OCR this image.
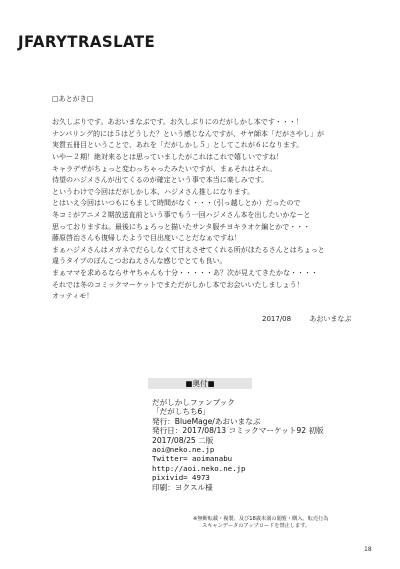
JFARYTRASLATE
□あとがき□
お久しぶりです。あおいまなぶです。お久しぶりにのだがしかし本です・・・！
ナンバリング的には５はどうした？という感じなんですが、サヤ師本「だがさやし」が
実質五冊目ということで、あれを「だがしかし５」としてこれが６になります。
いやー２期！絶対来るとは思っていましたがこれはこれで嬉しいですね！
キャラデザがちょっと変わっちゃったみたいですが、まぁそれはそれ。
待望のハジメさんが出てくるのが確定という事で本当に楽しみです。
というわけで今回はだがしかし本、ハジメさん推しになります。
とはいえ今回はいつもにもまして時間がなく・・・（引っ越しとか）だったので
冬コミがアニメ２期放送直前という事でもう一回ハジメさん本を出したいかなーと
思っておりますね。最後にちょろっと描いたサンタ服チヨキラオケ編とかで・・・
藤原啓治さんも復帰したようで目出度いことだなぁですね！
まぁハジメさんはメガネでだらしなくて甘えさせてくれる所がほたるさんとはちょっと
違うタイプのぽんこつおねえさんな感じでとても良い。
まぁママを求めるならサヤちゃんも十分・・・・・あ？次が見えてきたかな・・・・
それでは冬のコミックマーケットでまただがしかし本でお会いいたしましょう！
オッティモ！
2017/08	あおいまなぶ
■奥付■
だがしかしファンブック
「だがしちち6」
発行：BlueMage/あおいまなぶ
発行日：2017/08/13 コミックマーケット92 初版
2017/08/25 二版
aoi@neko.ne.jp
Twitter= aoimanabu
http://aoi.neko.ne.jp
pixivid= 4973
印刷：ヨクスル様
※無断転載・複製、及び18歳未満の閲覧・購入、転売行為
スキャンデータのアップロードを禁止します。
18
